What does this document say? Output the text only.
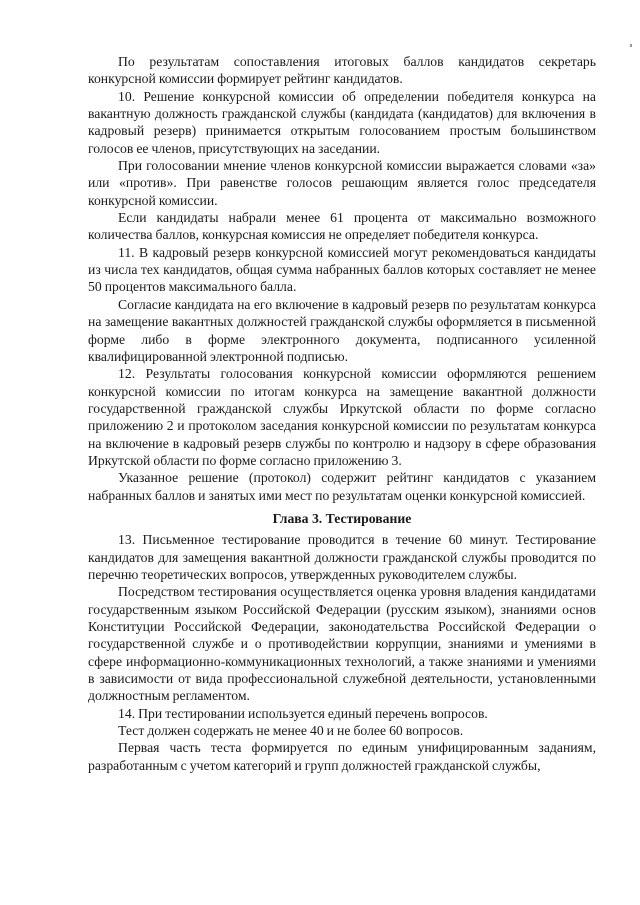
По результатам сопоставления итоговых баллов кандидатов секретарь конкурсной комиссии формирует рейтинг кандидатов.

10. Решение конкурсной комиссии об определении победителя конкурса на вакантную должность гражданской службы (кандидата (кандидатов) для включения в кадровый резерв) принимается открытым голосованием простым большинством голосов ее членов, присутствующих на заседании.

При голосовании мнение членов конкурсной комиссии выражается словами «за» или «против». При равенстве голосов решающим является голос председателя конкурсной комиссии.

Если кандидаты набрали менее 61 процента от максимально возможного количества баллов, конкурсная комиссия не определяет победителя конкурса.

11. В кадровый резерв конкурсной комиссией могут рекомендоваться кандидаты из числа тех кандидатов, общая сумма набранных баллов которых составляет не менее 50 процентов максимального балла.

Согласие кандидата на его включение в кадровый резерв по результатам конкурса на замещение вакантных должностей гражданской службы оформляется в письменной форме либо в форме электронного документа, подписанного усиленной квалифицированной электронной подписью.

12. Результаты голосования конкурсной комиссии оформляются решением конкурсной комиссии по итогам конкурса на замещение вакантной должности государственной гражданской службы Иркутской области по форме согласно приложению 2 и протоколом заседания конкурсной комиссии по результатам конкурса на включение в кадровый резерв службы по контролю и надзору в сфере образования Иркутской области по форме согласно приложению 3.

Указанное решение (протокол) содержит рейтинг кандидатов с указанием набранных баллов и занятых ими мест по результатам оценки конкурсной комиссией.

Глава 3. Тестирование

13. Письменное тестирование проводится в течение 60 минут. Тестирование кандидатов для замещения вакантной должности гражданской службы проводится по перечню теоретических вопросов, утвержденных руководителем службы.

Посредством тестирования осуществляется оценка уровня владения кандидатами государственным языком Российской Федерации (русским языком), знаниями основ Конституции Российской Федерации, законодательства Российской Федерации о государственной службе и о противодействии коррупции, знаниями и умениями в сфере информационно-коммуникационных технологий, а также знаниями и умениями в зависимости от вида профессиональной служебной деятельности, установленными должностным регламентом.

14. При тестировании используется единый перечень вопросов.

Тест должен содержать не менее 40 и не более 60 вопросов.

Первая часть теста формируется по единым унифицированным заданиям, разработанным с учетом категорий и групп должностей гражданской службы,
